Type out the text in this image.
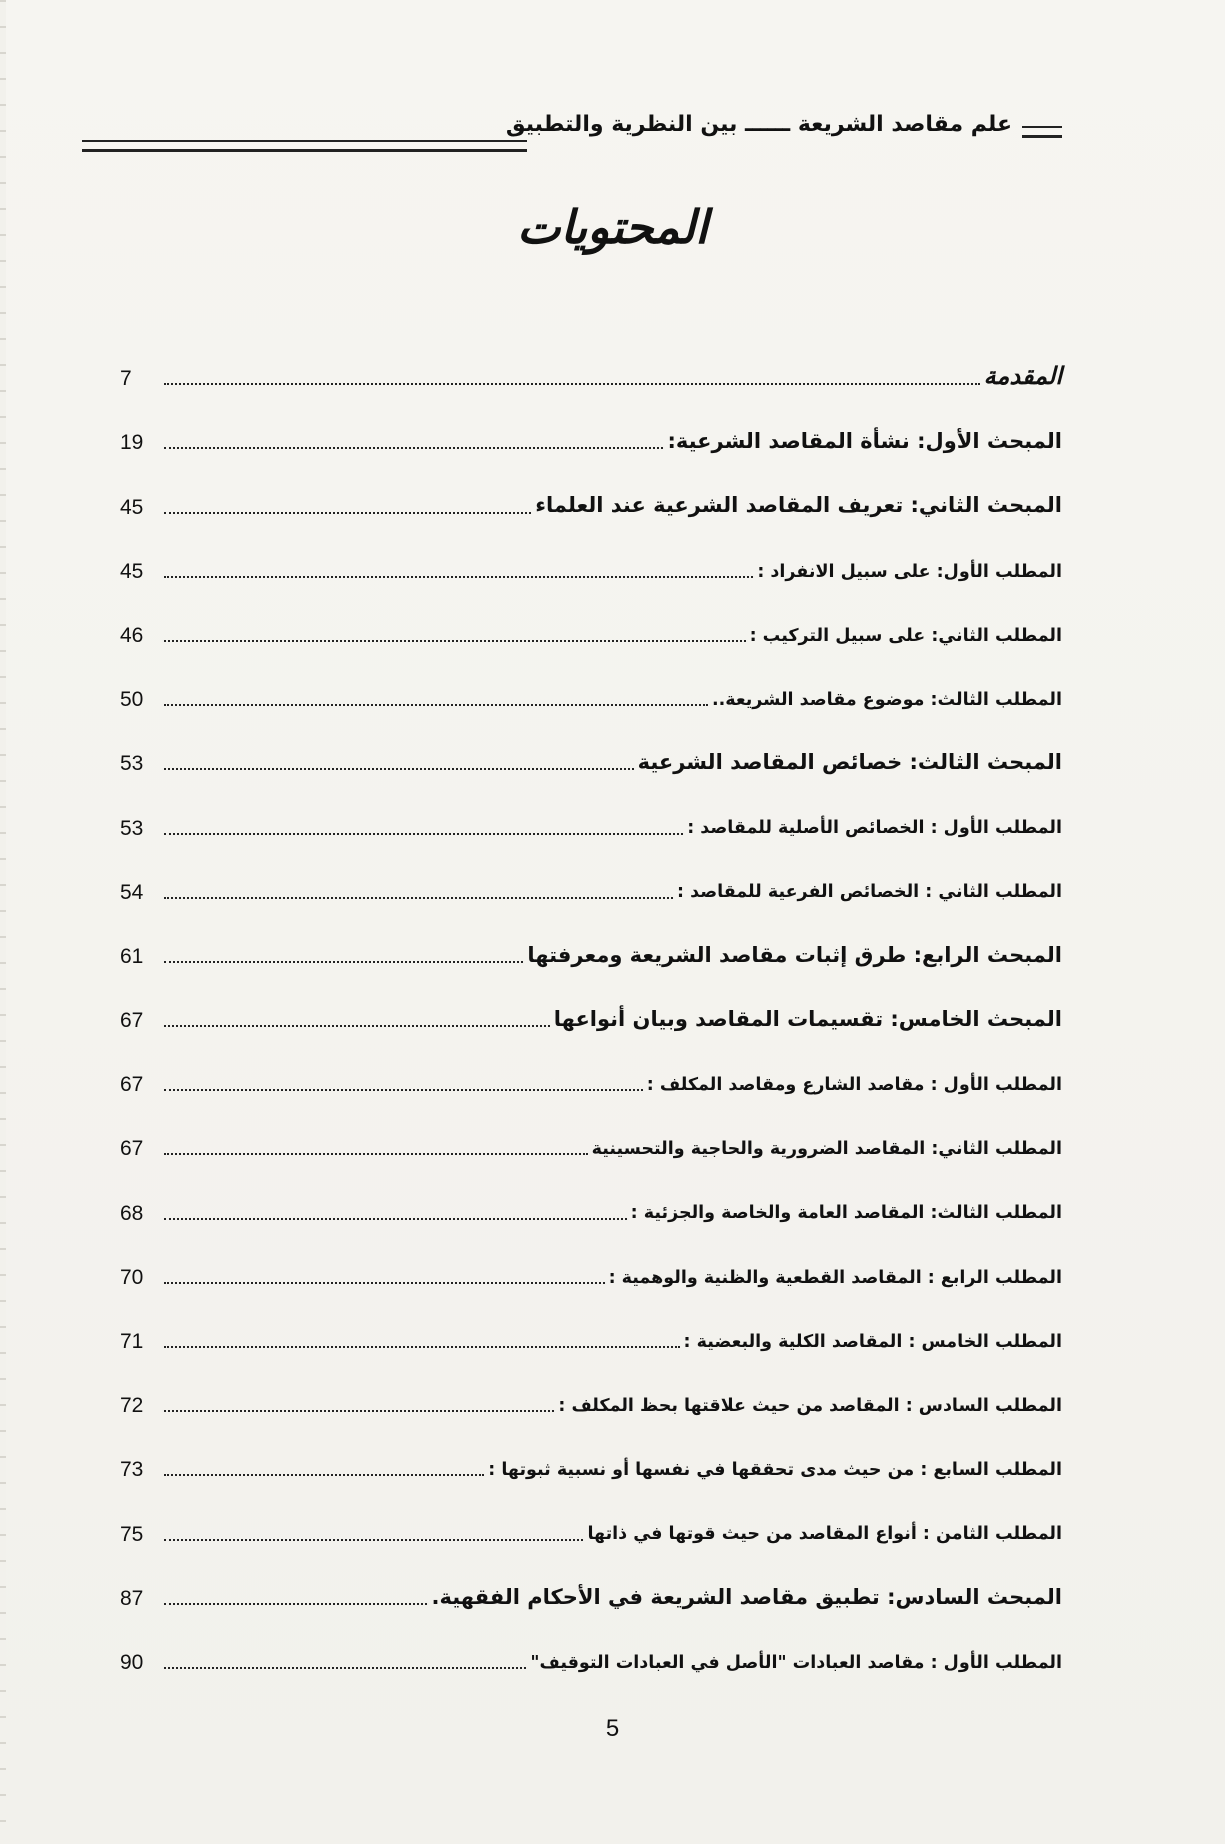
علم مقاصد الشريعة ــــــ بين النظرية والتطبيق
المحتويات
7	المقدمة
19	المبحث الأول: نشأة المقاصد الشرعية:
45	المبحث الثاني: تعريف المقاصد الشرعية عند العلماء
45	المطلب الأول: على سبيل الانفراد :
46	المطلب الثاني: على سبيل التركيب :
50	المطلب الثالث: موضوع مقاصد الشريعة..
53	المبحث الثالث: خصائص المقاصد الشرعية
53	المطلب الأول : الخصائص الأصلية للمقاصد :
54	المطلب الثاني : الخصائص الفرعية للمقاصد :
61	المبحث الرابع: طرق إثبات مقاصد الشريعة ومعرفتها
67	المبحث الخامس: تقسيمات المقاصد وبيان أنواعها
67	المطلب الأول : مقاصد الشارع ومقاصد المكلف :
67	المطلب الثاني: المقاصد الضرورية والحاجية والتحسينية
68	المطلب الثالث: المقاصد العامة والخاصة والجزئية :
70	المطلب الرابع : المقاصد القطعية والظنية والوهمية :
71	المطلب الخامس : المقاصد الكلية والبعضية :
72	المطلب السادس : المقاصد من حيث علاقتها بحظ المكلف :
73	المطلب السابع : من حيث مدى تحققها في نفسها أو نسبية ثبوتها :
75	المطلب الثامن : أنواع المقاصد من حيث قوتها في ذاتها
87	المبحث السادس: تطبيق مقاصد الشريعة في الأحكام الفقهية.
90	المطلب الأول : مقاصد العبادات "الأصل في العبادات التوقيف"
5
